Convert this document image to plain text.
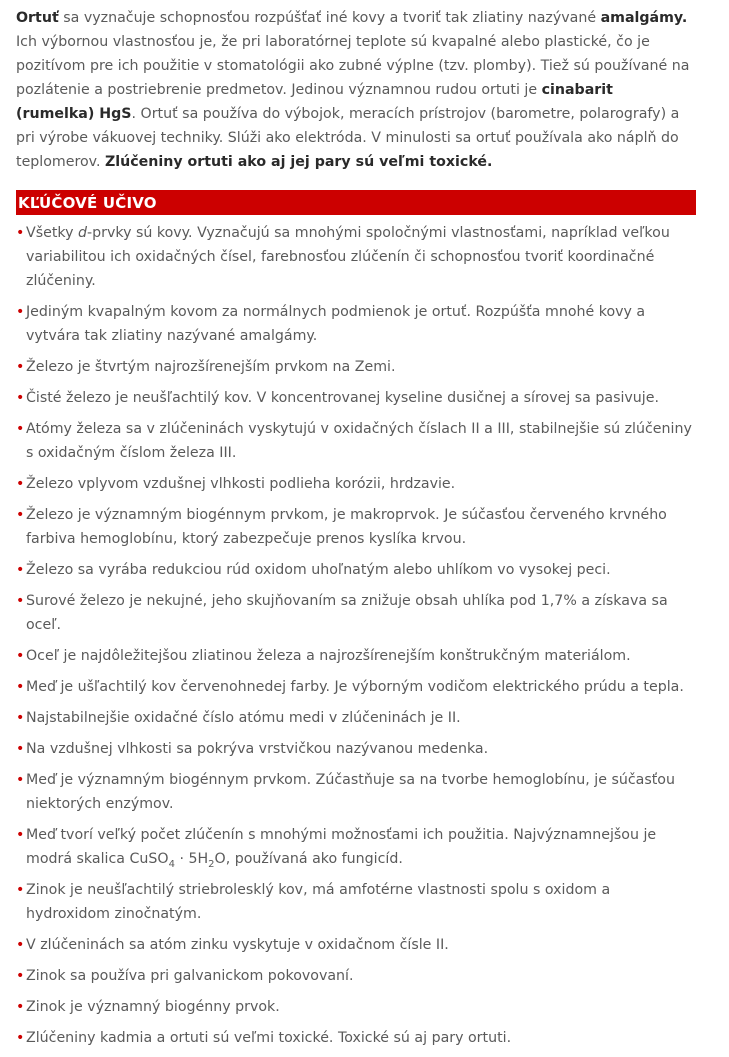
Ortuť sa vyznačuje schopnosťou rozpúšťať iné kovy a tvoriť tak zliatiny nazývané amalgámy. Ich výbornou vlastnosťou je, že pri laboratórnej teplote sú kvapalné alebo plastické, čo je pozitívom pre ich použitie v stomatológii ako zubné výplne (tzv. plomby). Tiež sú používané na pozlátenie a postriebrenie predmetov. Jedinou významnou rudou ortuti je cinabarit (rumelka) HgS. Ortuť sa používa do výbojok, meracích prístrojov (barometre, polarografy) a pri výrobe vákuovej techniky. Slúži ako elektróda. V minulosti sa ortuť používala ako náplň do teplomerov. Zlúčeniny ortuti ako aj jej pary sú veľmi toxické.

KĽÚČOVÉ UČIVO
• Všetky d-prvky sú kovy. Vyznačujú sa mnohými spoločnými vlastnosťami, napríklad veľkou variabilitou ich oxidačných čísel, farebnosťou zlúčenín či schopnosťou tvoriť koordinačné zlúčeniny.
• Jediným kvapalným kovom za normálnych podmienok je ortuť. Rozpúšťa mnohé kovy a vytvára tak zliatiny nazývané amalgámy.
• Železo je štvrtým najrozšírenejším prvkom na Zemi.
• Čisté železo je neušľachtilý kov. V koncentrovanej kyseline dusičnej a sírovej sa pasivuje.
• Atómy železa sa v zlúčeninách vyskytujú v oxidačných číslach II a III, stabilnejšie sú zlúčeniny s oxidačným číslom železa III.
• Železo vplyvom vzdušnej vlhkosti podlieha korózii, hrdzavie.
• Železo je významným biogénnym prvkom, je makroprvok. Je súčasťou červeného krvného farbiva hemoglobínu, ktorý zabezpečuje prenos kyslíka krvou.
• Železo sa vyrába redukciou rúd oxidom uhoľnatým alebo uhlíkom vo vysokej peci.
• Surové železo je nekujné, jeho skujňovaním sa znižuje obsah uhlíka pod 1,7% a získava sa oceľ.
• Oceľ je najdôležitejšou zliatinou železa a najrozšírenejším konštrukčným materiálom.
• Meď je ušľachtilý kov červenohnedej farby. Je výborným vodičom elektrického prúdu a tepla.
• Najstabilnejšie oxidačné číslo atómu medi v zlúčeninách je II.
• Na vzdušnej vlhkosti sa pokrýva vrstvičkou nazývanou medenka.
• Meď je významným biogénnym prvkom. Zúčastňuje sa na tvorbe hemoglobínu, je súčasťou niektorých enzýmov.
• Meď tvorí veľký počet zlúčenín s mnohými možnosťami ich použitia. Najvýznamnejšou je modrá skalica CuSO$_4$ · $5H_2O$, používaná ako fungicíd.
• Zinok je neušľachtilý striebrolesklý kov, má amfotérne vlastnosti spolu s oxidom a hydroxidom zinočnatým.
• V zlúčeninách sa atóm zinku vyskytuje v oxidačnom čísle II.
• Zinok sa používa pri galvanickom pokovovaní.
• Zinok je významný biogénny prvok.
• Zlúčeniny kadmia a ortuti sú veľmi toxické. Toxické sú aj pary ortuti.
